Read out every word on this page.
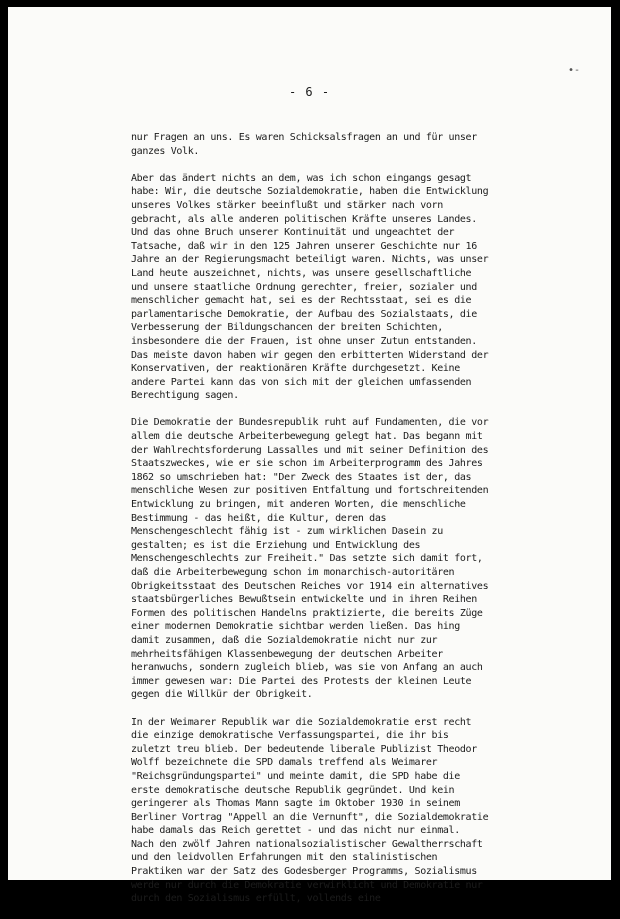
•-
- 6 -
nur Fragen an uns. Es waren Schicksalsfragen an und für unser
ganzes Volk.
Aber das ändert nichts an dem, was ich schon eingangs gesagt
habe: Wir, die deutsche Sozialdemokratie, haben die Entwicklung
unseres Volkes stärker beeinflußt und stärker nach vorn
gebracht, als alle anderen politischen Kräfte unseres Landes.
Und das ohne Bruch unserer Kontinuität und ungeachtet der
Tatsache, daß wir in den 125 Jahren unserer Geschichte nur 16
Jahre an der Regierungsmacht beteiligt waren. Nichts, was unser
Land heute auszeichnet, nichts, was unsere gesellschaftliche
und unsere staatliche Ordnung gerechter, freier, sozialer und
menschlicher gemacht hat, sei es der Rechtsstaat, sei es die
parlamentarische Demokratie, der Aufbau des Sozialstaats, die
Verbesserung der Bildungschancen der breiten Schichten,
insbesondere die der Frauen, ist ohne unser Zutun entstanden.
Das meiste davon haben wir gegen den erbitterten Widerstand der
Konservativen, der reaktionären Kräfte durchgesetzt. Keine
andere Partei kann das von sich mit der gleichen umfassenden
Berechtigung sagen.
Die Demokratie der Bundesrepublik ruht auf Fundamenten, die vor
allem die deutsche Arbeiterbewegung gelegt hat. Das begann mit
der Wahlrechtsforderung Lassalles und mit seiner Definition des
Staatszweckes, wie er sie schon im Arbeiterprogramm des Jahres
1862 so umschrieben hat: "Der Zweck des Staates ist der, das
menschliche Wesen zur positiven Entfaltung und fortschreitenden
Entwicklung zu bringen, mit anderen Worten, die menschliche
Bestimmung - das heißt, die Kultur, deren das
Menschengeschlecht fähig ist - zum wirklichen Dasein zu
gestalten; es ist die Erziehung und Entwicklung des
Menschengeschlechts zur Freiheit." Das setzte sich damit fort,
daß die Arbeiterbewegung schon im monarchisch-autoritären
Obrigkeitsstaat des Deutschen Reiches vor 1914 ein alternatives
staatsbürgerliches Bewußtsein entwickelte und in ihren Reihen
Formen des politischen Handelns praktizierte, die bereits Züge
einer modernen Demokratie sichtbar werden ließen. Das hing
damit zusammen, daß die Sozialdemokratie nicht nur zur
mehrheitsfähigen Klassenbewegung der deutschen Arbeiter
heranwuchs, sondern zugleich blieb, was sie von Anfang an auch
immer gewesen war: Die Partei des Protests der kleinen Leute
gegen die Willkür der Obrigkeit.
In der Weimarer Republik war die Sozialdemokratie erst recht
die einzige demokratische Verfassungspartei, die ihr bis
zuletzt treu blieb. Der bedeutende liberale Publizist Theodor
Wolff bezeichnete die SPD damals treffend als Weimarer
"Reichsgründungspartei" und meinte damit, die SPD habe die
erste demokratische deutsche Republik gegründet. Und kein
geringerer als Thomas Mann sagte im Oktober 1930 in seinem
Berliner Vortrag "Appell an die Vernunft", die Sozialdemokratie
habe damals das Reich gerettet - und das nicht nur einmal.
Nach den zwölf Jahren nationalsozialistischer Gewaltherrschaft
und den leidvollen Erfahrungen mit den stalinistischen
Praktiken war der Satz des Godesberger Programms, Sozialismus
werde nur durch die Demokratie verwirklicht und Demokratie nur
durch den Sozialismus erfüllt, vollends eine
